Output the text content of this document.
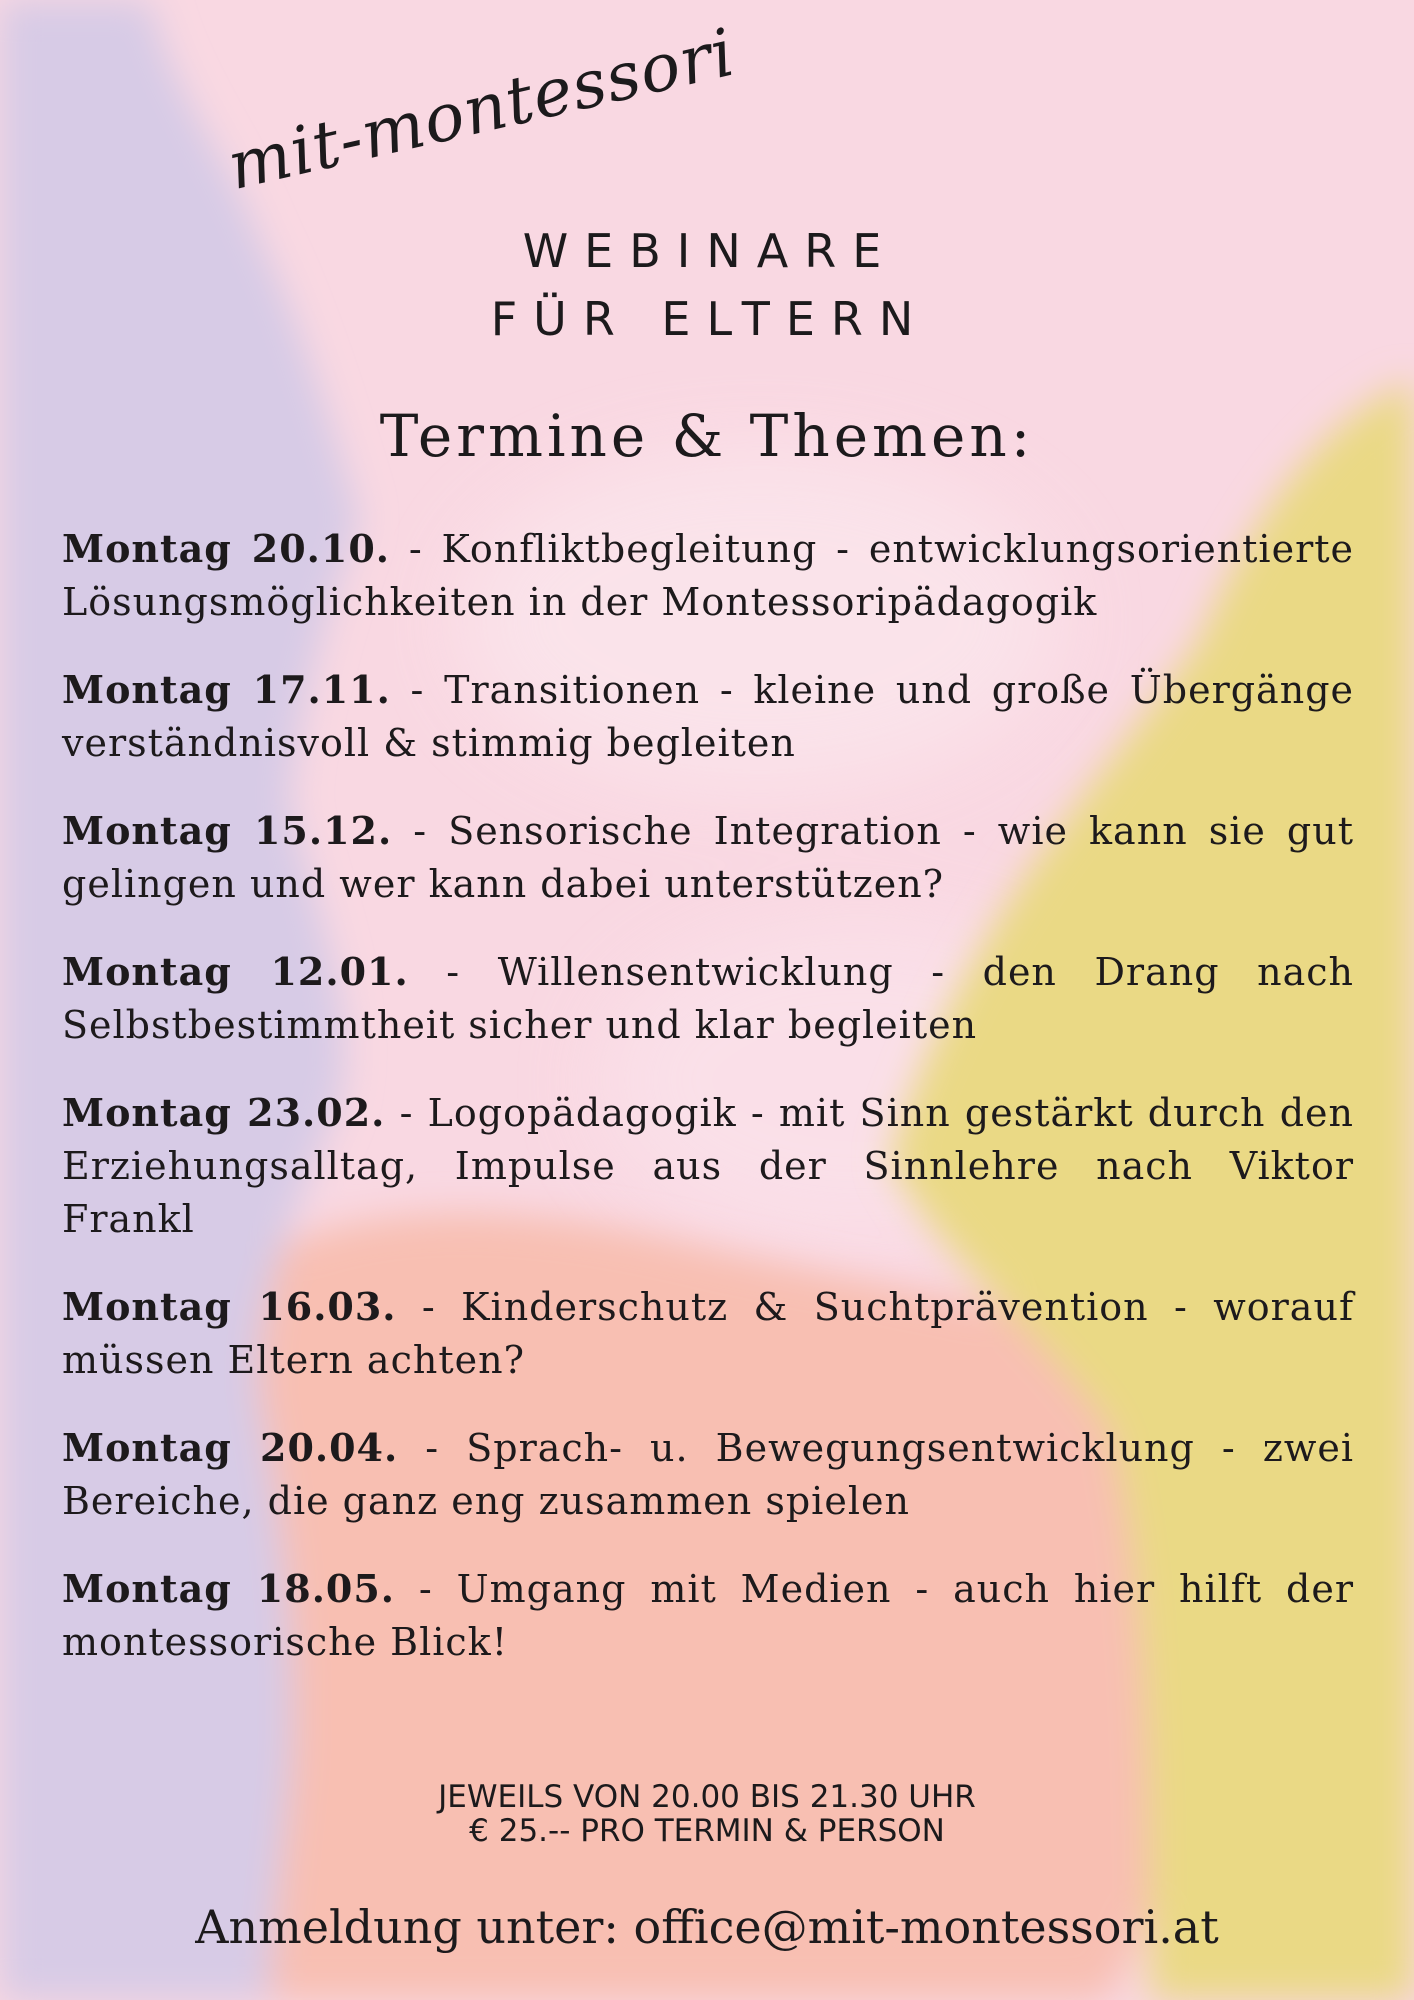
mit-montessori
WEBINARE
FÜR ELTERN
Termine & Themen:
Montag 20.10. - Konfliktbegleitung - entwicklungsorientierte Lösungsmöglichkeiten in der Montessoripädagogik
Montag 17.11. - Transitionen - kleine und große Übergänge verständnisvoll & stimmig begleiten
Montag 15.12. - Sensorische Integration - wie kann sie gut gelingen und wer kann dabei unterstützen?
Montag 12.01. - Willensentwicklung - den Drang nach Selbstbestimmtheit sicher und klar begleiten
Montag 23.02. - Logopädagogik - mit Sinn gestärkt durch den Erziehungsalltag, Impulse aus der Sinnlehre nach Viktor Frankl
Montag 16.03. - Kinderschutz & Suchtprävention - worauf müssen Eltern achten?
Montag 20.04. - Sprach- u. Bewegungsentwicklung - zwei Bereiche, die ganz eng zusammen spielen
Montag 18.05. - Umgang mit Medien - auch hier hilft der montessorische Blick!
JEWEILS VON 20.00 BIS 21.30 UHR
€ 25.-- PRO TERMIN & PERSON
Anmeldung unter: office@mit-montessori.at
